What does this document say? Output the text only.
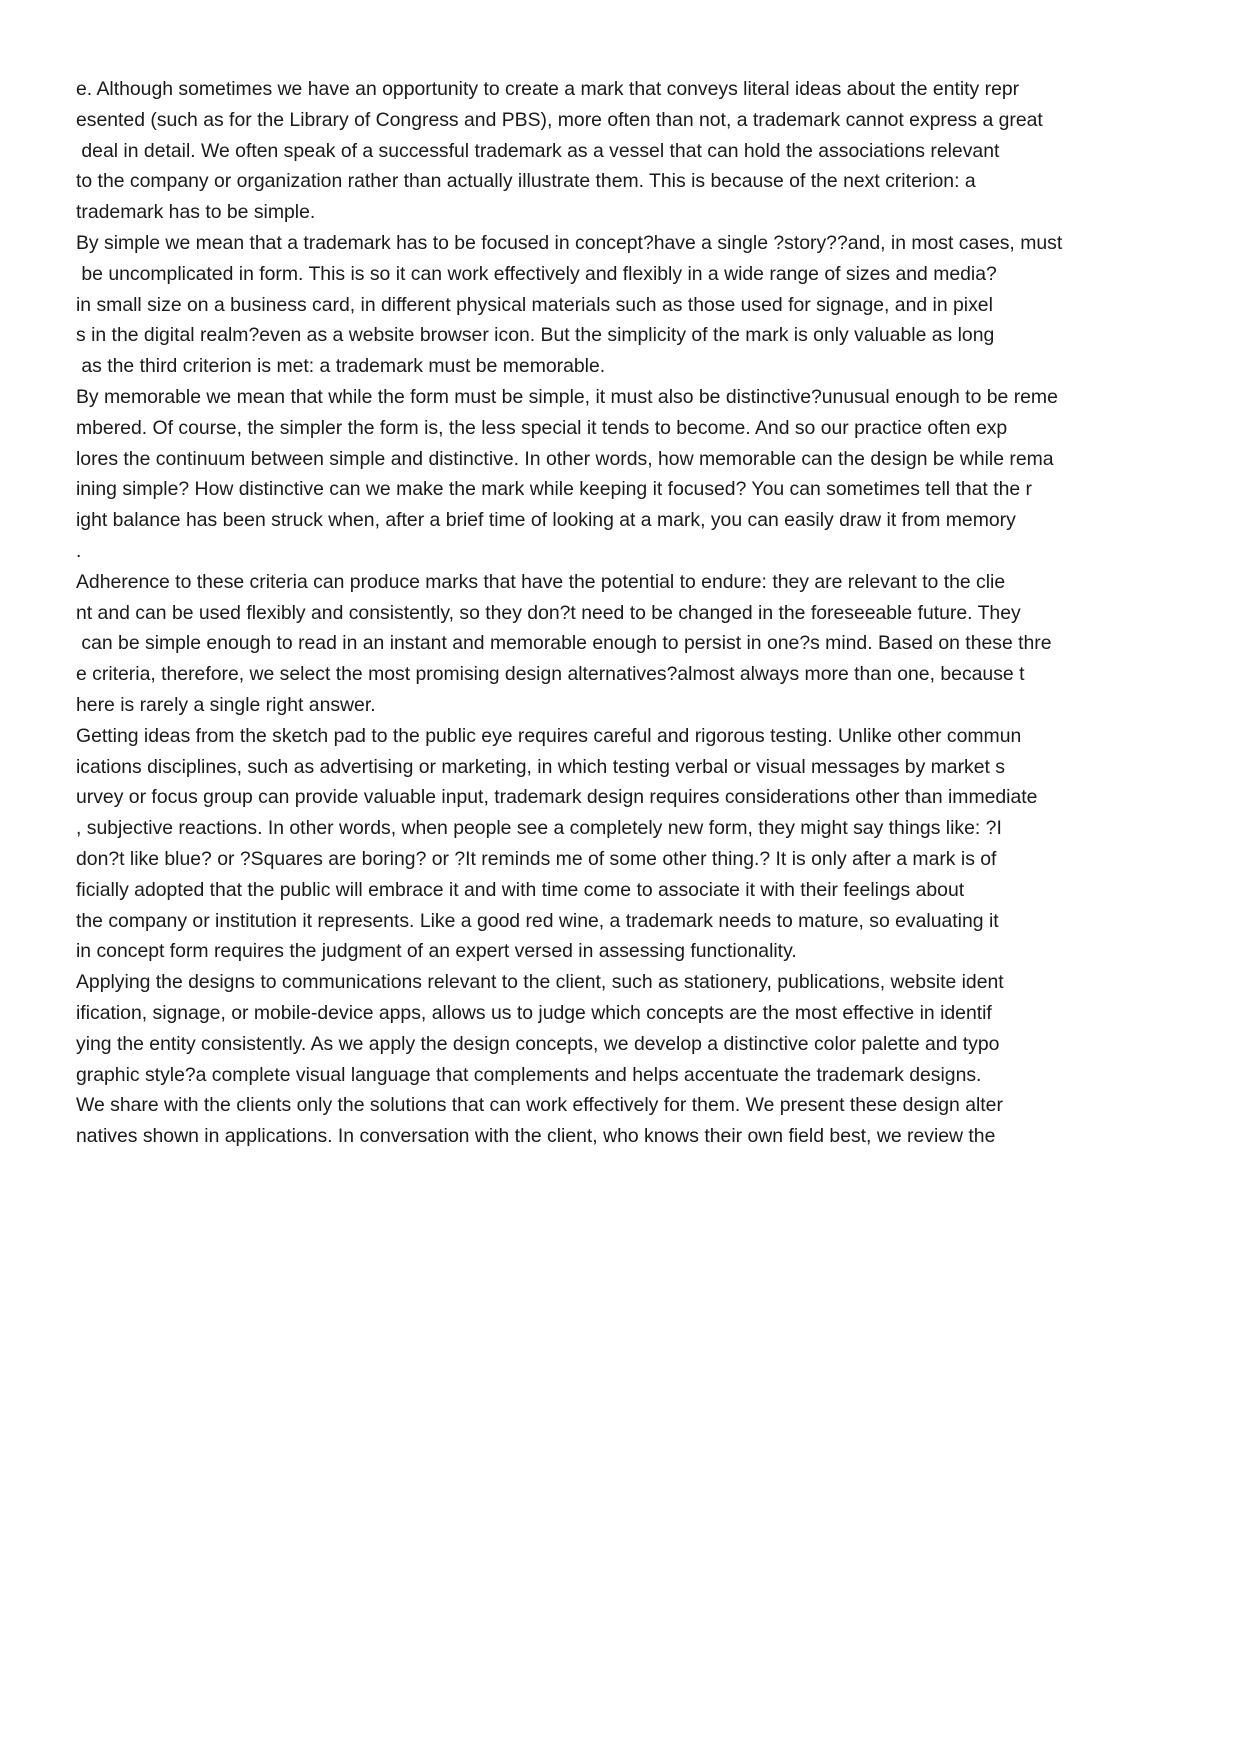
e. Although sometimes we have an opportunity to create a mark that conveys literal ideas about the entity repr
esented (such as for the Library of Congress and PBS), more often than not, a trademark cannot express a great
deal in detail. We often speak of a successful trademark as a vessel that can hold the associations relevant
to the company or organization rather than actually illustrate them. This is because of the next criterion: a
trademark has to be simple.
By simple we mean that a trademark has to be focused in concept?have a single ?story??and, in most cases, must
be uncomplicated in form. This is so it can work effectively and flexibly in a wide range of sizes and media?
in small size on a business card, in different physical materials such as those used for signage, and in pixel
s in the digital realm?even as a website browser icon. But the simplicity of the mark is only valuable as long
as the third criterion is met: a trademark must be memorable.
By memorable we mean that while the form must be simple, it must also be distinctive?unusual enough to be reme
mbered. Of course, the simpler the form is, the less special it tends to become. And so our practice often exp
lores the continuum between simple and distinctive. In other words, how memorable can the design be while rema
ining simple? How distinctive can we make the mark while keeping it focused? You can sometimes tell that the r
ight balance has been struck when, after a brief time of looking at a mark, you can easily draw it from memory
.
Adherence to these criteria can produce marks that have the potential to endure: they are relevant to the clie
nt and can be used flexibly and consistently, so they don?t need to be changed in the foreseeable future. They
can be simple enough to read in an instant and memorable enough to persist in one?s mind. Based on these thre
e criteria, therefore, we select the most promising design alternatives?almost always more than one, because t
here is rarely a single right answer.
Getting ideas from the sketch pad to the public eye requires careful and rigorous testing. Unlike other commun
ications disciplines, such as advertising or marketing, in which testing verbal or visual messages by market s
urvey or focus group can provide valuable input, trademark design requires considerations other than immediate
, subjective reactions. In other words, when people see a completely new form, they might say things like: ?I
don?t like blue? or ?Squares are boring? or ?It reminds me of some other thing.? It is only after a mark is of
ficially adopted that the public will embrace it and with time come to associate it with their feelings about
the company or institution it represents. Like a good red wine, a trademark needs to mature, so evaluating it
in concept form requires the judgment of an expert versed in assessing functionality.
Applying the designs to communications relevant to the client, such as stationery, publications, website ident
ification, signage, or mobile-device apps, allows us to judge which concepts are the most effective in identif
ying the entity consistently. As we apply the design concepts, we develop a distinctive color palette and typo
graphic style?a complete visual language that complements and helps accentuate the trademark designs.
We share with the clients only the solutions that can work effectively for them. We present these design alter
natives shown in applications. In conversation with the client, who knows their own field best, we review the
